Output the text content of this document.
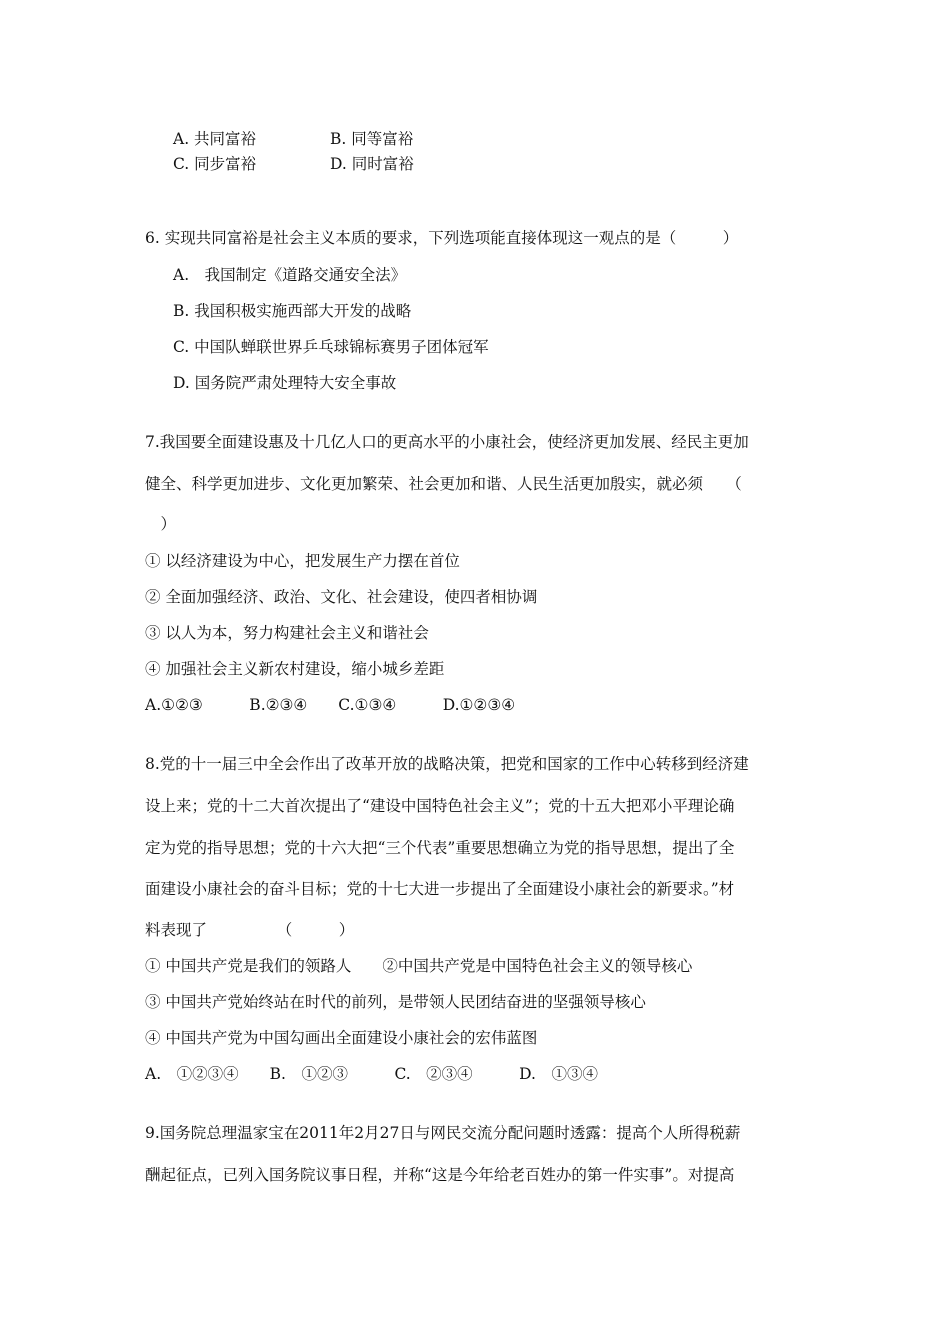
A. 共同富裕	B. 同等富裕
C. 同步富裕	D. 同时富裕
6. 实现共同富裕是社会主义本质的要求，下列选项能直接体现这一观点的是（　　　）
A.　我国制定《道路交通安全法》
B. 我国积极实施西部大开发的战略
C. 中国队蝉联世界乒乓球锦标赛男子团体冠军
D. 国务院严肃处理特大安全事故
7.我国要全面建设惠及十几亿人口的更高水平的小康社会，使经济更加发展、经民主更加
健全、科学更加进步、文化更加繁荣、社会更加和谐、人民生活更加殷实，就必须　　（
　）
① 以经济建设为中心，把发展生产力摆在首位
② 全面加强经济、政治、文化、社会建设，使四者相协调
③ 以人为本，努力构建社会主义和谐社会
④ 加强社会主义新农村建设，缩小城乡差距
A.①②③　　　B.②③④　　C.①③④　　　D.①②③④
8.党的十一届三中全会作出了改革开放的战略决策，把党和国家的工作中心转移到经济建
设上来；党的十二大首次提出了“建设中国特色社会主义”；党的十五大把邓小平理论确
定为党的指导思想；党的十六大把“三个代表”重要思想确立为党的指导思想，提出了全
面建设小康社会的奋斗目标；党的十七大进一步提出了全面建设小康社会的新要求。”材
料表现了　　　　　（　　　）
① 中国共产党是我们的领路人　　②中国共产党是中国特色社会主义的领导核心
③ 中国共产党始终站在时代的前列，是带领人民团结奋进的坚强领导核心
④ 中国共产党为中国勾画出全面建设小康社会的宏伟蓝图
A.　①②③④　　B.　①②③　　　C.　②③④　　　D.　①③④
9.国务院总理温家宝在2011年2月27日与网民交流分配问题时透露：提高个人所得税薪
酬起征点，已列入国务院议事日程，并称“这是今年给老百姓办的第一件实事”。对提高
